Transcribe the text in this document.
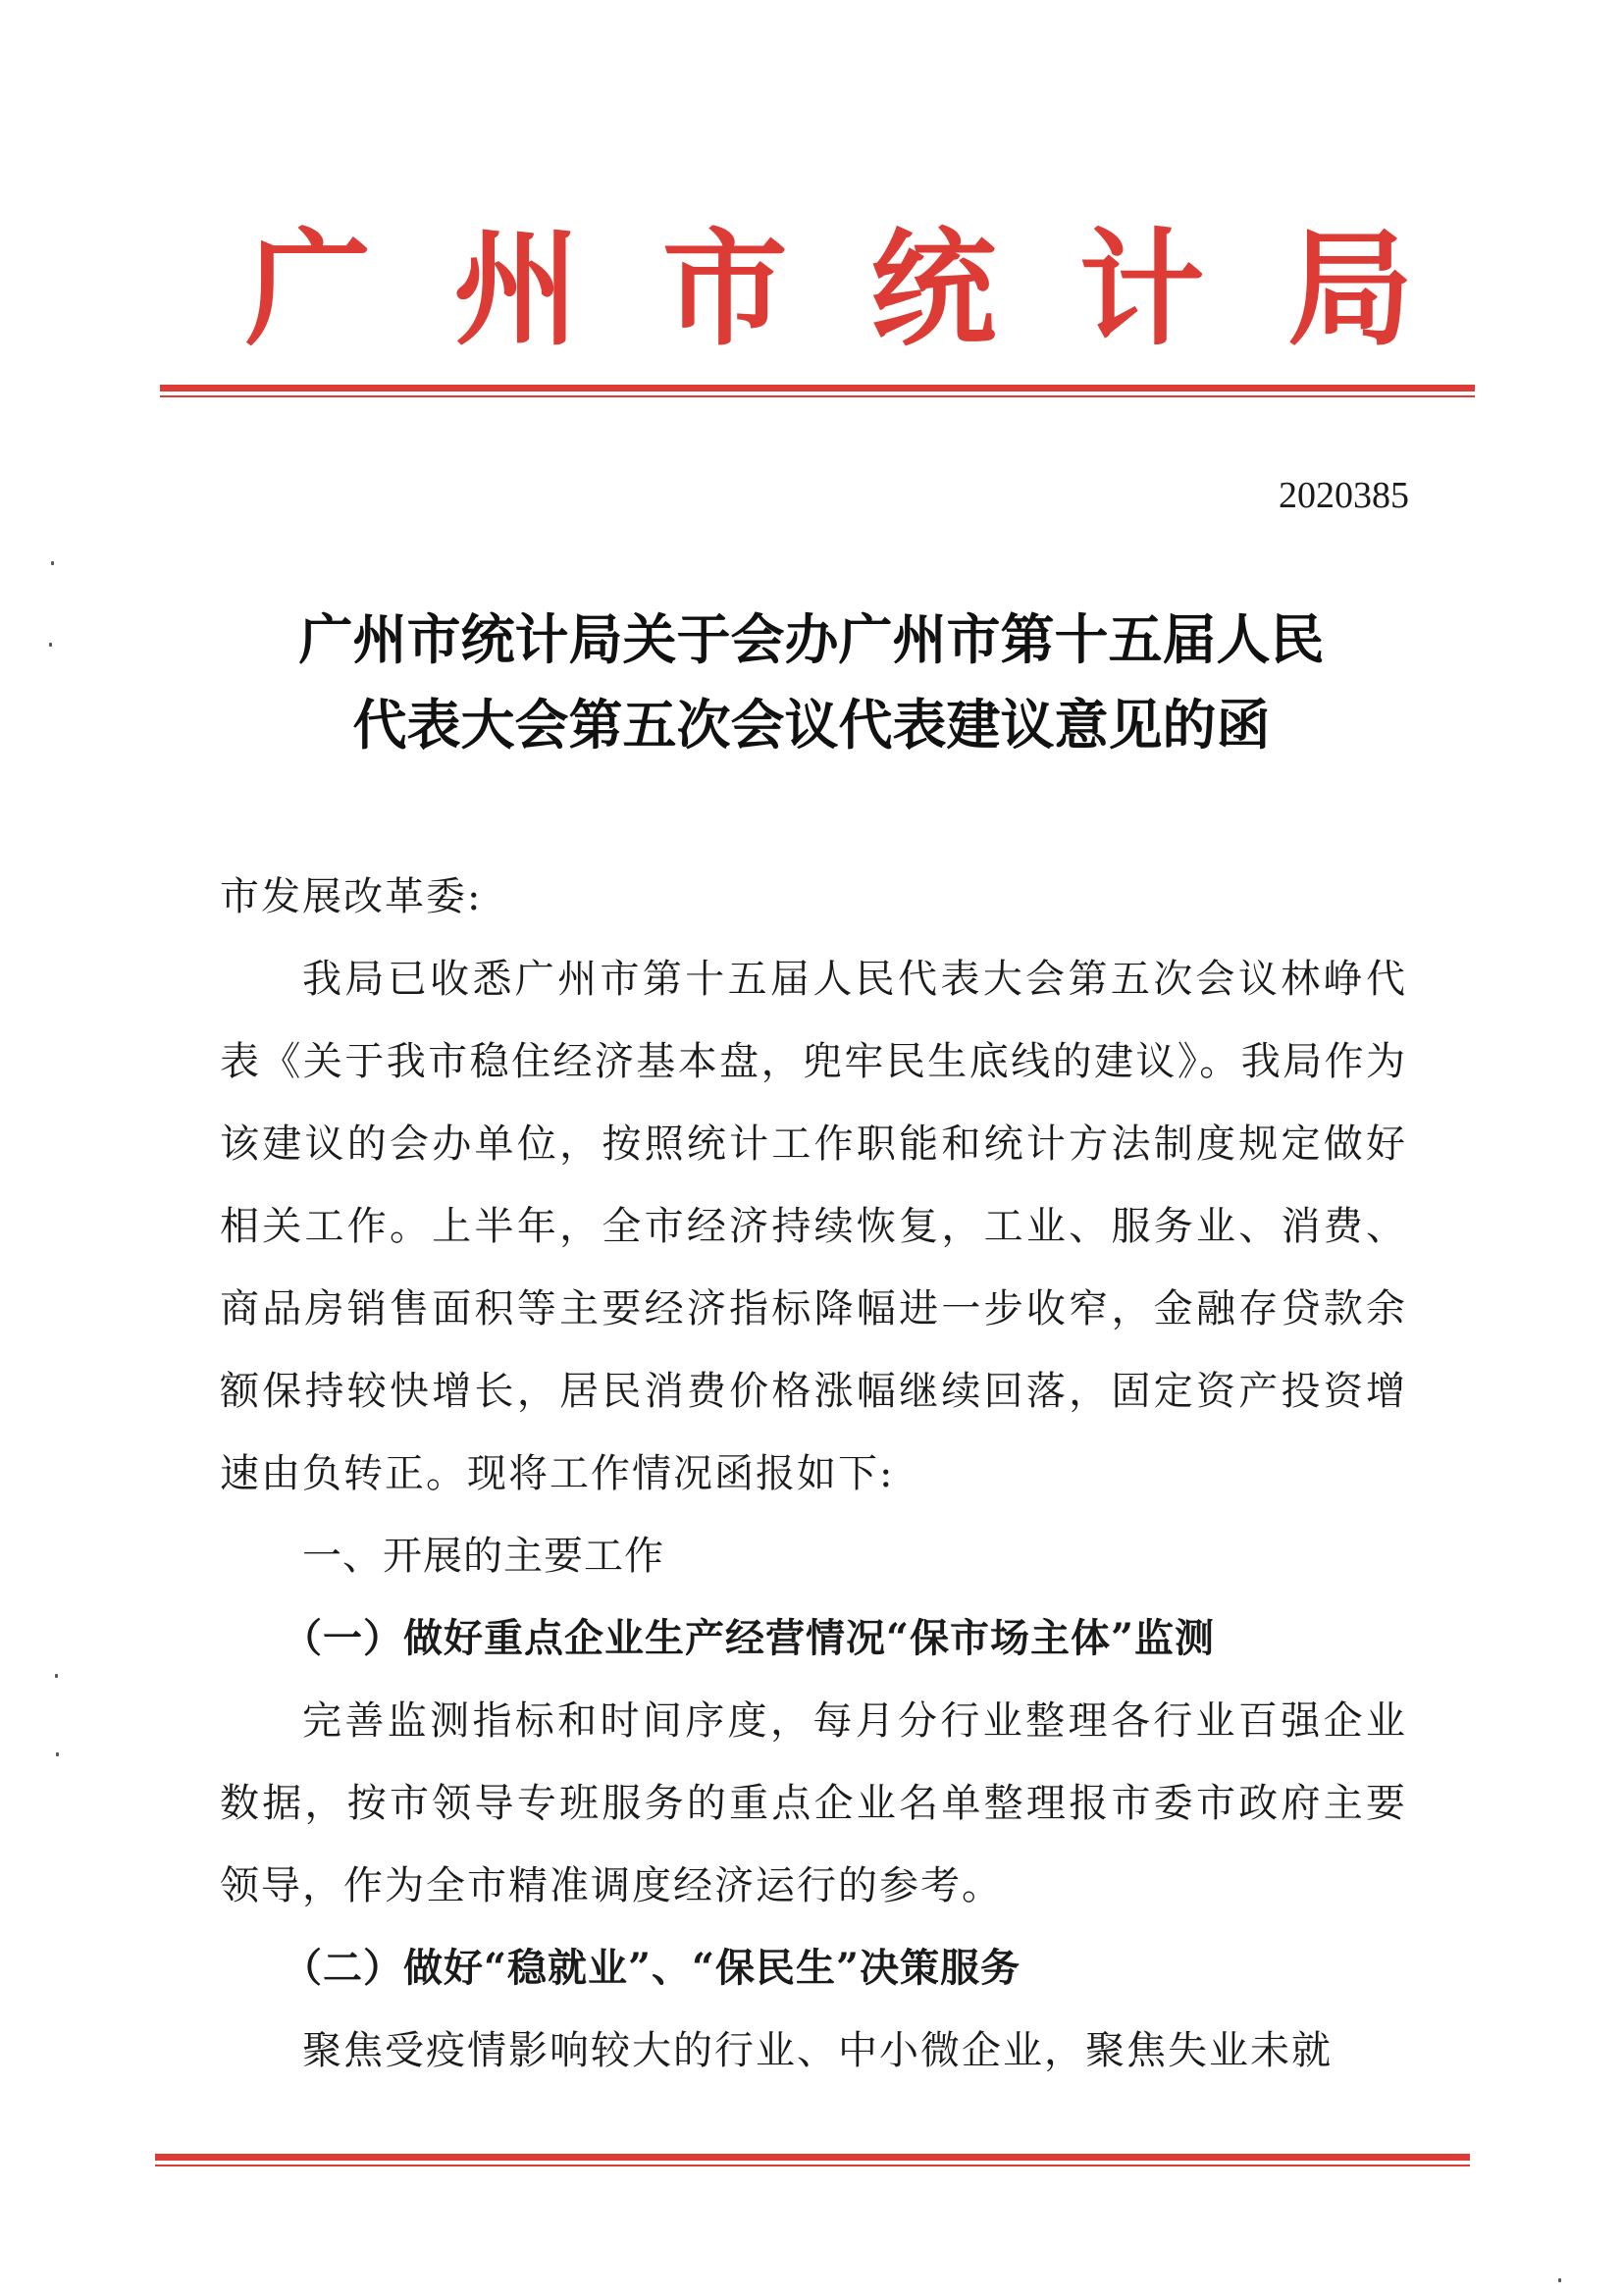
广 州 市 统 计 局
2020385
广州市统计局关于会办广州市第十五届人民
代表大会第五次会议代表建议意见的函

市发展改革委:

我局已收悉广州市第十五届人民代表大会第五次会议林峥代表《关于我市稳住经济基本盘，兜牢民生底线的建议》。我局作为该建议的会办单位，按照统计工作职能和统计方法制度规定做好相关工作。上半年，全市经济持续恢复，工业、服务业、消费、商品房销售面积等主要经济指标降幅进一步收窄，金融存贷款余额保持较快增长，居民消费价格涨幅继续回落，固定资产投资增速由负转正。现将工作情况函报如下:

一、开展的主要工作

（一）做好重点企业生产经营情况“保市场主体”监测

完善监测指标和时间序度，每月分行业整理各行业百强企业数据，按市领导专班服务的重点企业名单整理报市委市政府主要领导，作为全市精准调度经济运行的参考。

（二）做好“稳就业”、“保民生”决策服务

聚焦受疫情影响较大的行业、中小微企业，聚焦失业未就
